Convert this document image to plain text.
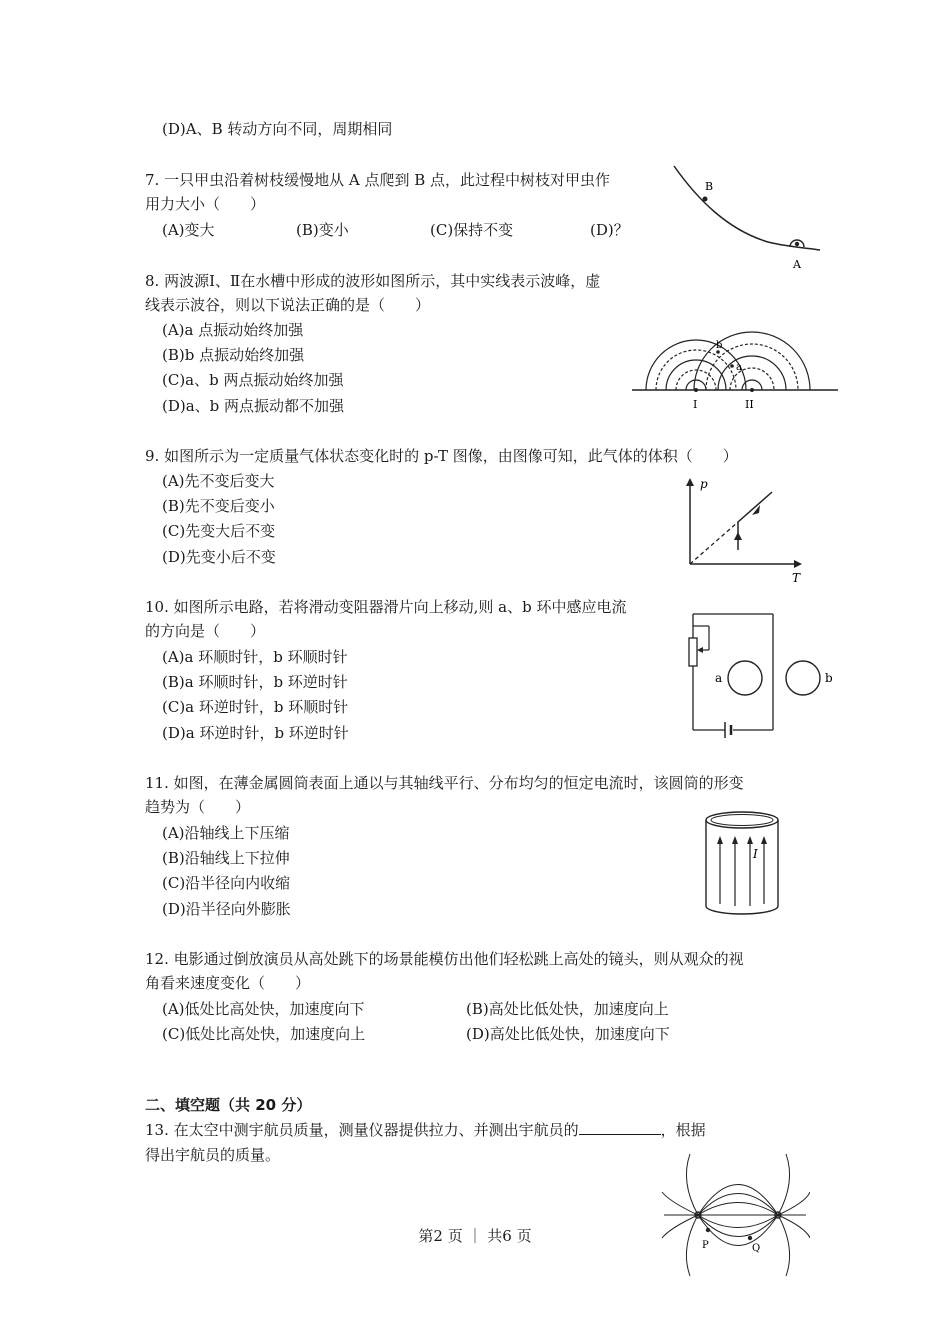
(D)A、B 转动方向不同，周期相同
7. 一只甲虫沿着树枝缓慢地从 A 点爬到 B 点，此过程中树枝对甲虫作
用力大小（　　）
(A)变大	(B)变小	(C)保持不变	(D)？
B
A
8. 两波源Ⅰ、Ⅱ在水槽中形成的波形如图所示，其中实线表示波峰，虚
线表示波谷，则以下说法正确的是（　　）
(A)a 点振动始终加强
(B)b 点振动始终加强
(C)a、b 两点振动始终加强
(D)a、b 两点振动都不加强
b
a
I	II
9. 如图所示为一定质量气体状态变化时的 p-T 图像，由图像可知，此气体的体积（　　）
(A)先不变后变大
(B)先不变后变小
(C)先变大后不变
(D)先变小后不变
p
T
10. 如图所示电路，若将滑动变阻器滑片向上移动,则 a、b 环中感应电流
的方向是（　　）
(A)a 环顺时针，b 环顺时针
(B)a 环顺时针，b 环逆时针
(C)a 环逆时针，b 环顺时针
(D)a 环逆时针，b 环逆时针
a	b
11. 如图，在薄金属圆筒表面上通以与其轴线平行、分布均匀的恒定电流时，该圆筒的形变
趋势为（　　）
(A)沿轴线上下压缩
(B)沿轴线上下拉伸
(C)沿半径向内收缩
(D)沿半径向外膨胀
I
12. 电影通过倒放演员从高处跳下的场景能模仿出他们轻松跳上高处的镜头，则从观众的视
角看来速度变化（　　）
(A)低处比高处快，加速度向下	(B)高处比低处快，加速度向上
(C)低处比高处快，加速度向上	(D)高处比低处快，加速度向下
二、填空题（共 20 分）
13. 在太空中测宇航员质量，测量仪器提供拉力、并测出宇航员的	，根据
得出宇航员的质量。
P	Q
第2 页 ｜ 共6 页
